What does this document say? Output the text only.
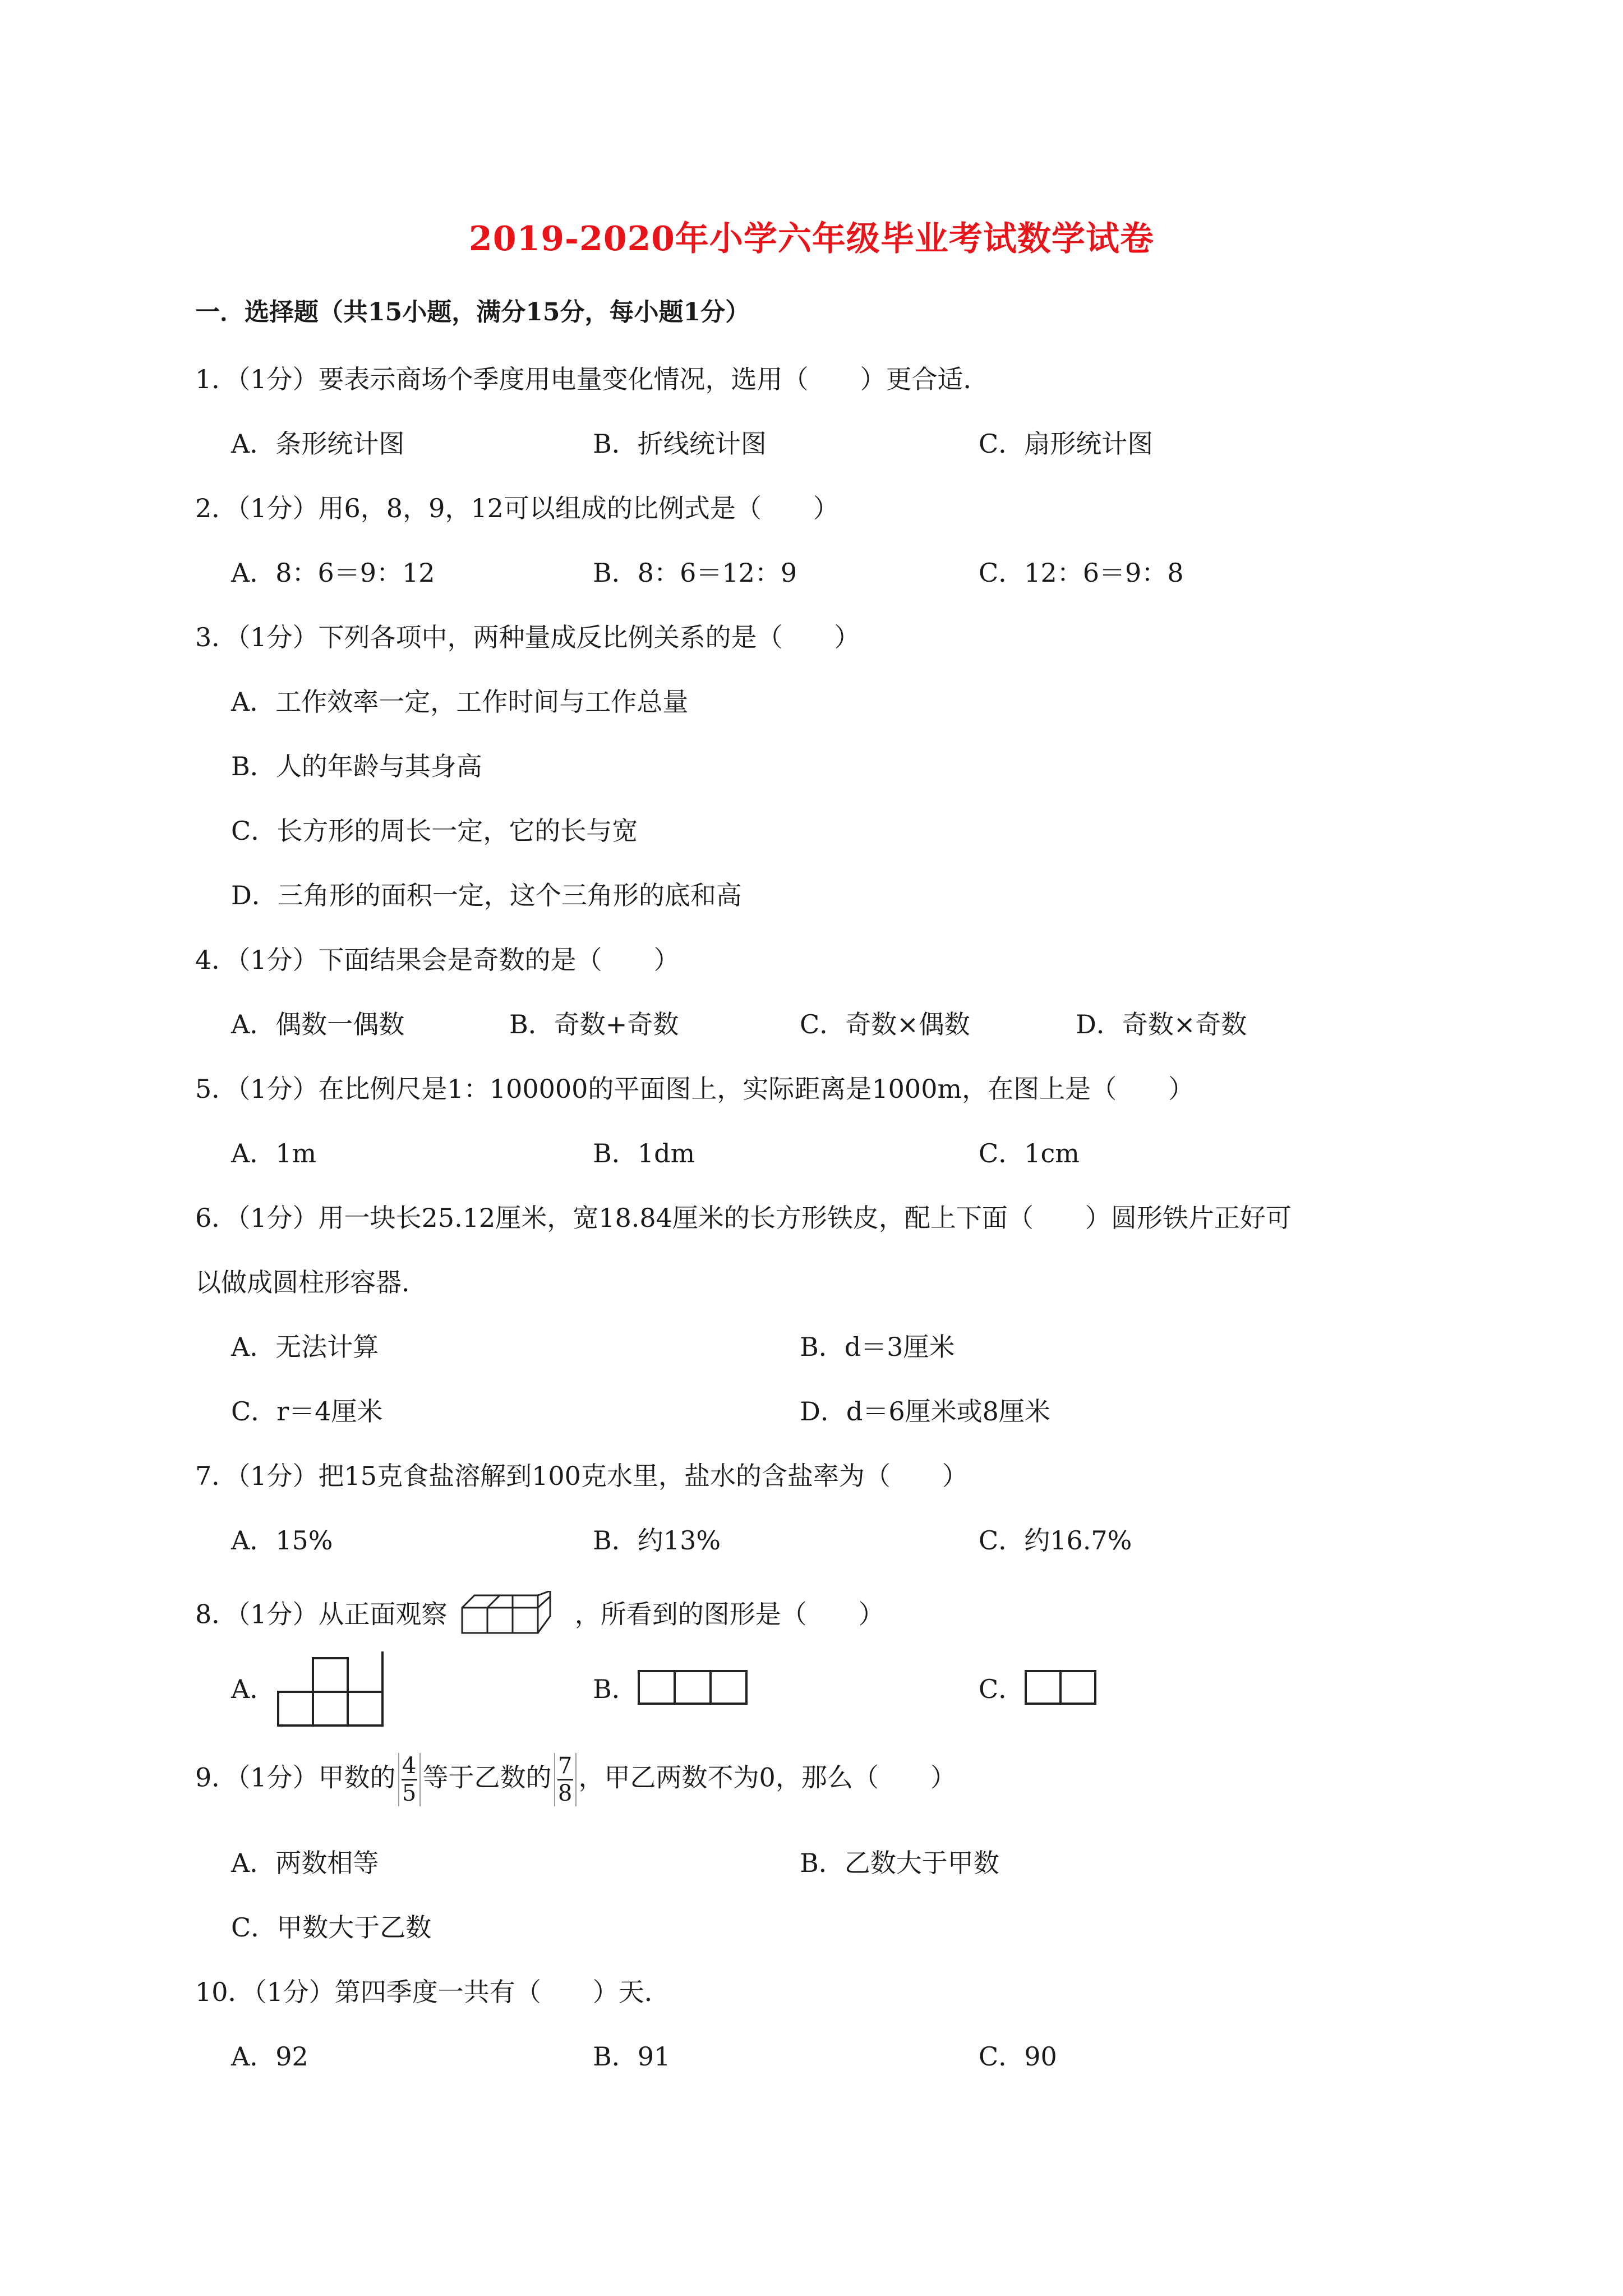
2019-2020年小学六年级毕业考试数学试卷
一．选择题（共15小题，满分15分，每小题1分）
1．（1分）要表示商场个季度用电量变化情况，选用（　　）更合适．
A．条形统计图	B．折线统计图	C．扇形统计图
2．（1分）用6，8，9，12可以组成的比例式是（　　）
A．8：6＝9：12	B．8：6＝12：9	C．12：6＝9：8
3．（1分）下列各项中，两种量成反比例关系的是（　　）
A．工作效率一定，工作时间与工作总量
B．人的年龄与其身高
C．长方形的周长一定，它的长与宽
D．三角形的面积一定，这个三角形的底和高
4．（1分）下面结果会是奇数的是（　　）
A．偶数一偶数	B．奇数+奇数	C．奇数×偶数	D．奇数×奇数
5．（1分）在比例尺是1：100000的平面图上，实际距离是1000m，在图上是（　　）
A．1m	B．1dm	C．1cm
6．（1分）用一块长25.12厘米，宽18.84厘米的长方形铁皮，配上下面（　　）圆形铁片正好可
以做成圆柱形容器．
A．无法计算	B．d＝3厘米
C．r＝4厘米	D．d＝6厘米或8厘米
7．（1分）把15克食盐溶解到100克水里，盐水的含盐率为（　　）
A．15%	B．约13%	C．约16.7%
8．（1分）从正面观察	，所看到的图形是（　　）
A．	B．	C．
9．（1分）甲数的 $\frac{4}{5}$ 等于乙数的 $\frac{7}{8}$ ，甲乙两数不为0，那么（　　）
A．两数相等	B．乙数大于甲数
C．甲数大于乙数
10．（1分）第四季度一共有（　　）天．
A．92	B．91	C．90
